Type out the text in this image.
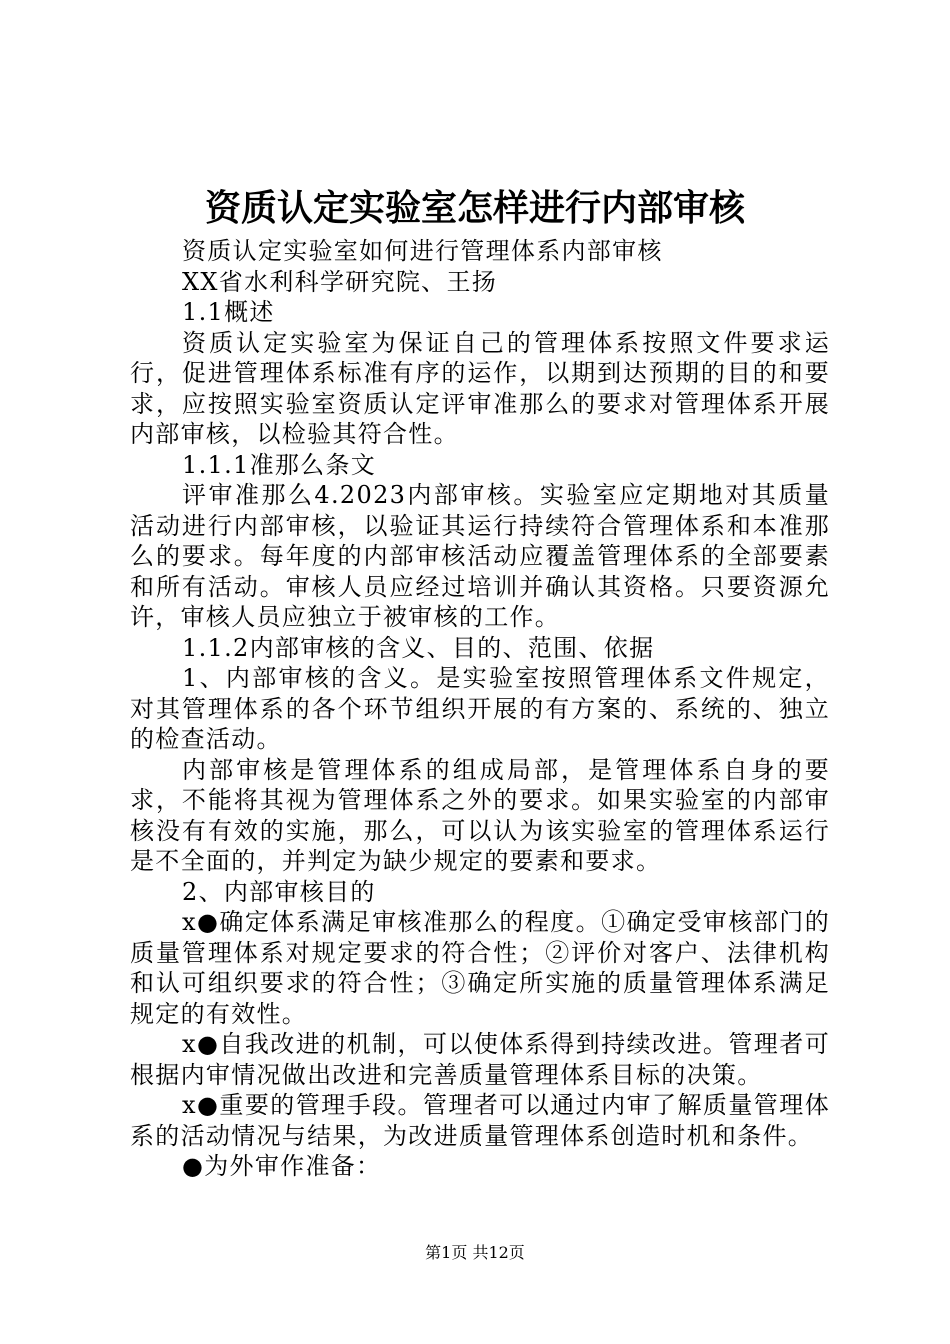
资质认定实验室怎样进行内部审核

资质认定实验室如何进行管理体系内部审核

XX省水利科学研究院、王扬

1.1概述

资质认定实验室为保证自己的管理体系按照文件要求运行，促进管理体系标准有序的运作，以期到达预期的目的和要求，应按照实验室资质认定评审准那么的要求对管理体系开展内部审核，以检验其符合性。

1.1.1准那么条文

评审准那么4.2023内部审核。实验室应定期地对其质量活动进行内部审核，以验证其运行持续符合管理体系和本准那么的要求。每年度的内部审核活动应覆盖管理体系的全部要素和所有活动。审核人员应经过培训并确认其资格。只要资源允许，审核人员应独立于被审核的工作。

1.1.2内部审核的含义、目的、范围、依据

1、内部审核的含义。是实验室按照管理体系文件规定，对其管理体系的各个环节组织开展的有方案的、系统的、独立的检查活动。

内部审核是管理体系的组成局部，是管理体系自身的要求，不能将其视为管理体系之外的要求。如果实验室的内部审核没有有效的实施，那么，可以认为该实验室的管理体系运行是不全面的，并判定为缺少规定的要素和要求。

2、内部审核目的

x●确定体系满足审核准那么的程度。①确定受审核部门的质量管理体系对规定要求的符合性；②评价对客户、法律机构和认可组织要求的符合性；③确定所实施的质量管理体系满足规定的有效性。

x●自我改进的机制，可以使体系得到持续改进。管理者可根据内审情况做出改进和完善质量管理体系目标的决策。

x●重要的管理手段。管理者可以通过内审了解质量管理体系的活动情况与结果，为改进质量管理体系创造时机和条件。

●为外审作准备：

第1页 共12页
